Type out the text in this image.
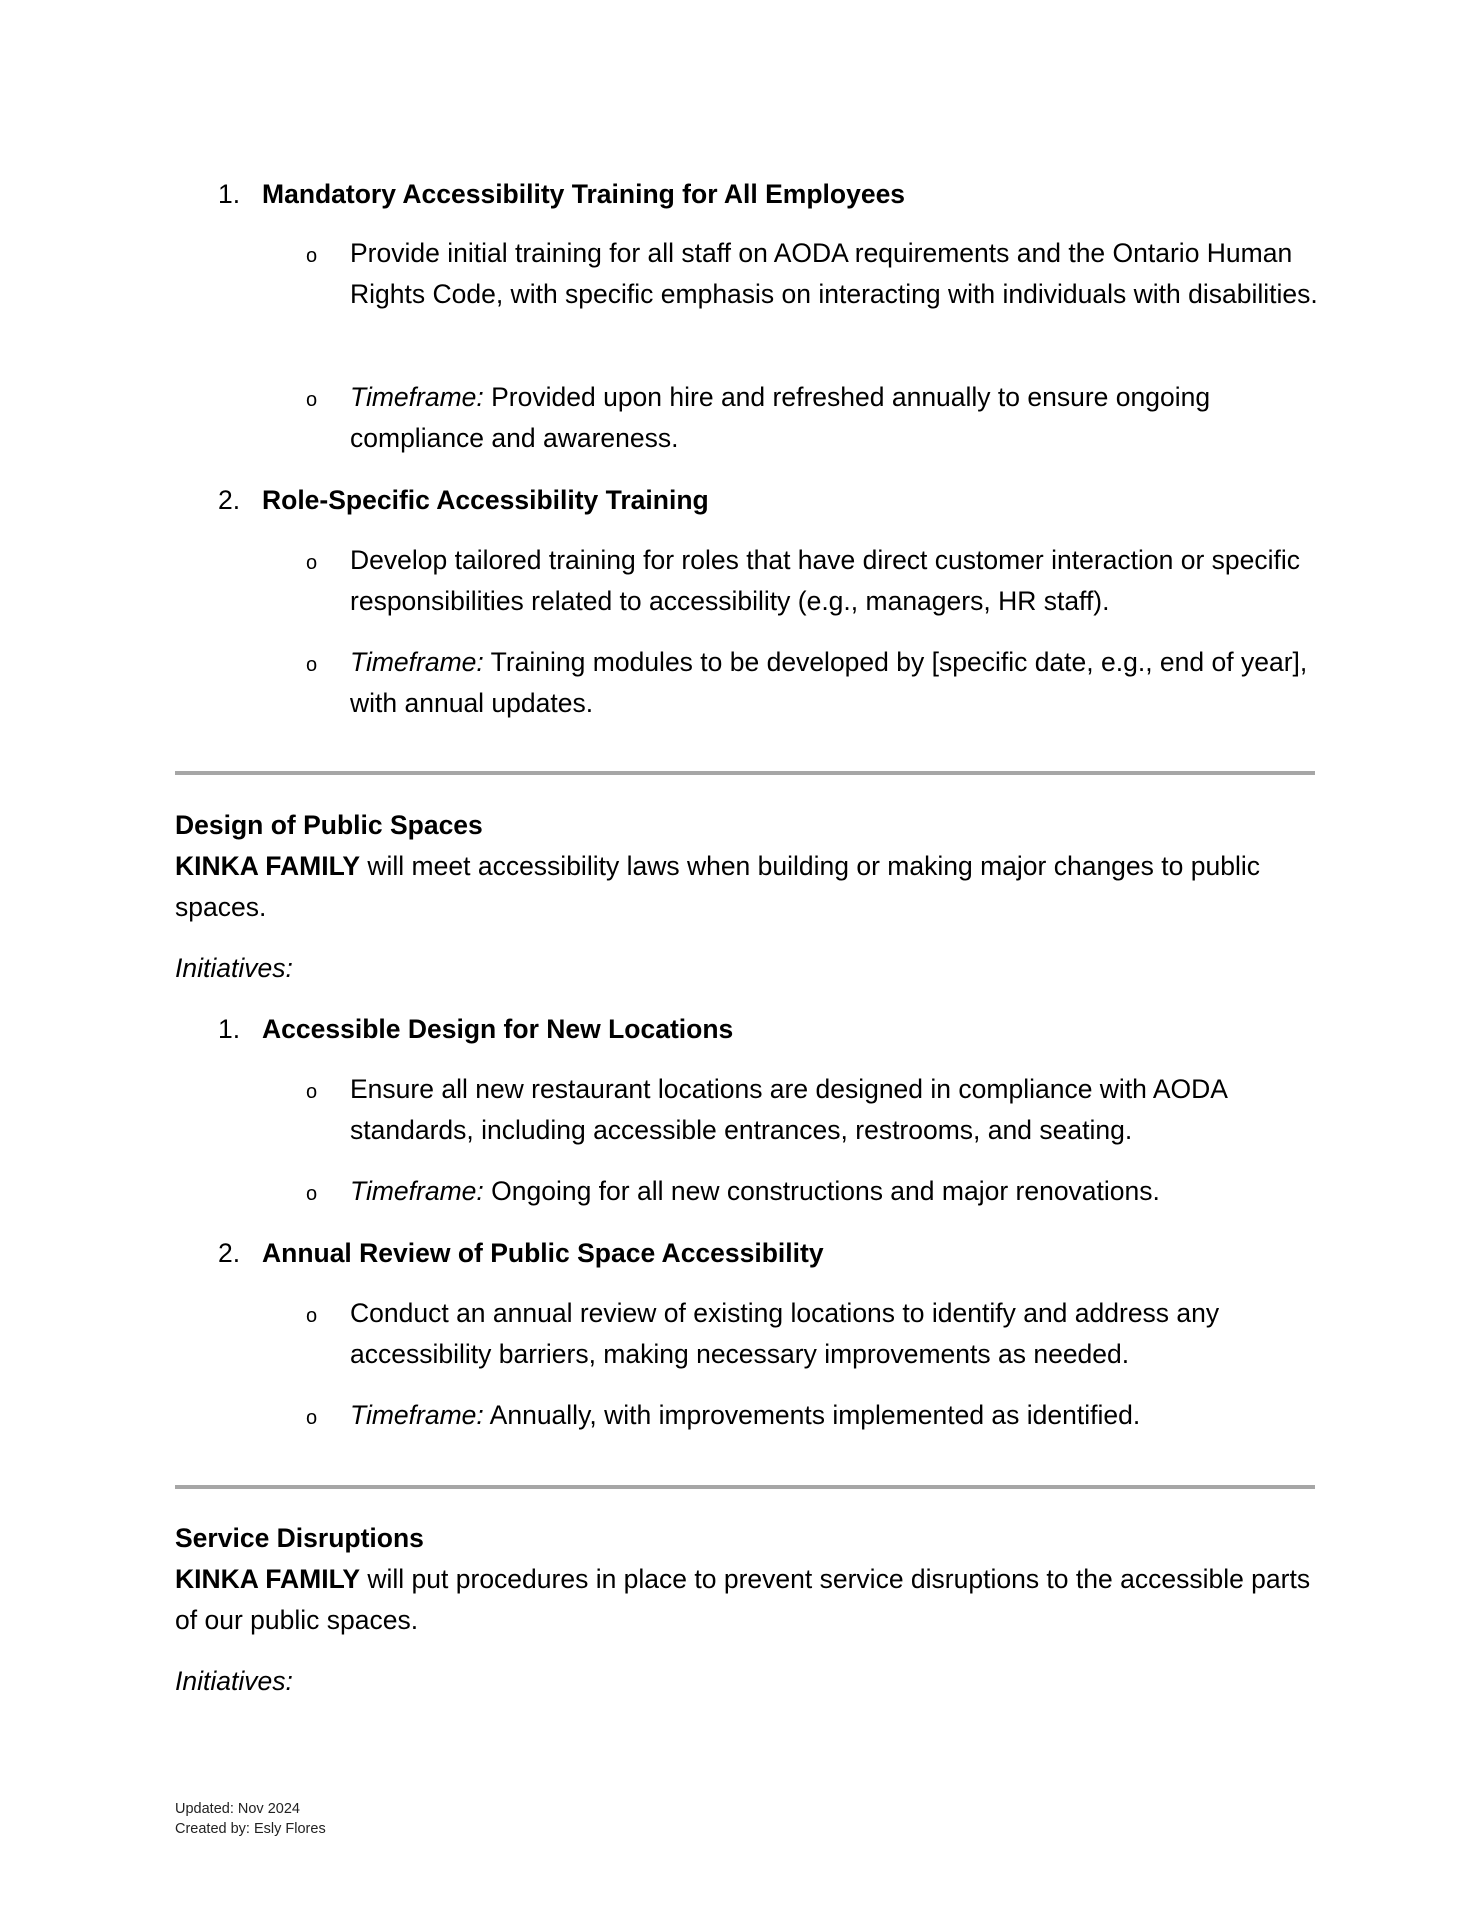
1. Mandatory Accessibility Training for All Employees
o Provide initial training for all staff on AODA requirements and the Ontario Human Rights Code, with specific emphasis on interacting with individuals with disabilities.
o Timeframe: Provided upon hire and refreshed annually to ensure ongoing compliance and awareness.
2. Role-Specific Accessibility Training
o Develop tailored training for roles that have direct customer interaction or specific responsibilities related to accessibility (e.g., managers, HR staff).
o Timeframe: Training modules to be developed by [specific date, e.g., end of year], with annual updates.
Design of Public Spaces
KINKA FAMILY will meet accessibility laws when building or making major changes to public spaces.
Initiatives:
1. Accessible Design for New Locations
o Ensure all new restaurant locations are designed in compliance with AODA standards, including accessible entrances, restrooms, and seating.
o Timeframe: Ongoing for all new constructions and major renovations.
2. Annual Review of Public Space Accessibility
o Conduct an annual review of existing locations to identify and address any accessibility barriers, making necessary improvements as needed.
o Timeframe: Annually, with improvements implemented as identified.
Service Disruptions
KINKA FAMILY will put procedures in place to prevent service disruptions to the accessible parts of our public spaces.
Initiatives:
Updated: Nov 2024
Created by: Esly Flores
